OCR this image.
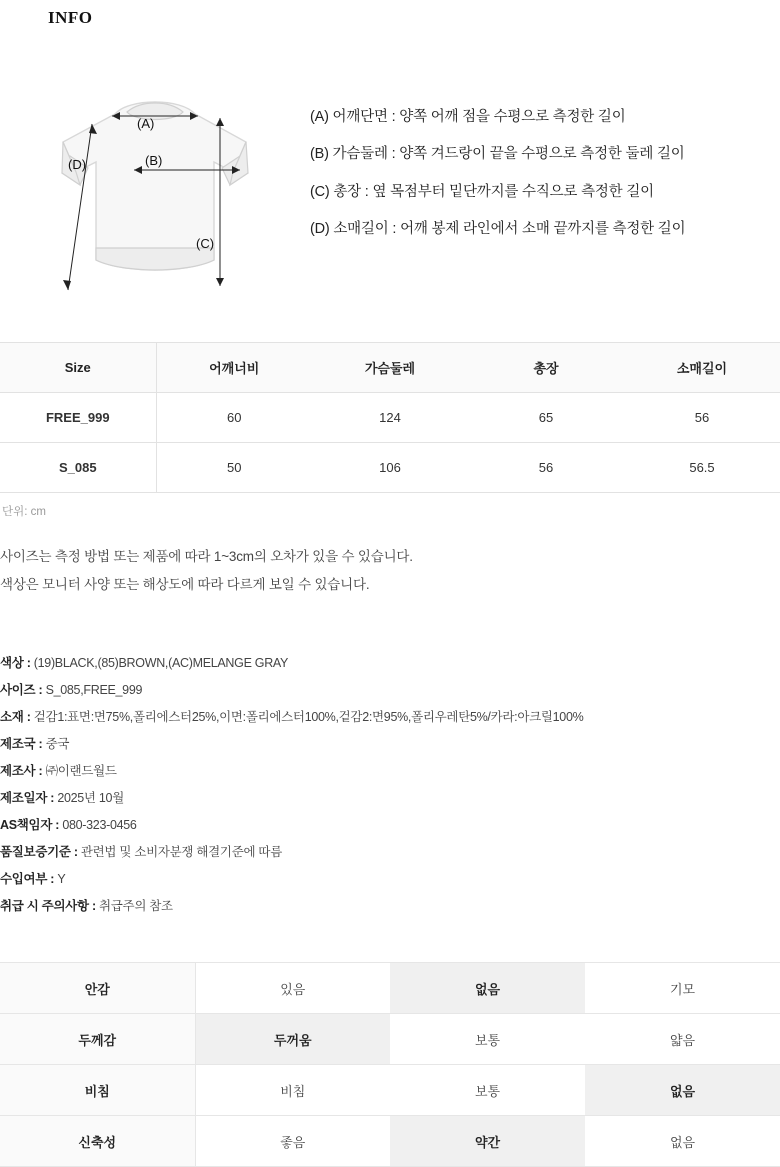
INFO
(A)
(B)
(C)
(D)
(A) 어깨단면 : 양쪽 어깨 점을 수평으로 측정한 길이
(B) 가슴둘레 : 양쪽 겨드랑이 끝을 수평으로 측정한 둘레 길이
(C) 총장 : 옆 목점부터 밑단까지를 수직으로 측정한 길이
(D) 소매길이 : 어깨 봉제 라인에서 소매 끝까지를 측정한 길이
Size	어깨너비	가슴둘레	총장	소매길이
FREE_999	60	124	65	56
S_085	50	106	56	56.5
단위: cm

사이즈는 측정 방법 또는 제품에 따라 1~3cm의 오차가 있을 수 있습니다.

색상은 모니터 사양 또는 해상도에 따라 다르게 보일 수 있습니다.

색상 : (19)BLACK,(85)BROWN,(AC)MELANGE GRAY

사이즈 : S_085,FREE_999

소재 : 겉감1:표면:면75%,폴리에스터25%,이면:폴리에스터100%,겉감2:면95%,폴리우레탄5%/카라:아크릴100%

제조국 : 중국

제조사 : ㈜이랜드월드

제조일자 : 2025년 10월

AS책임자 : 080-323-0456

품질보증기준 : 관련법 및 소비자분쟁 해결기준에 따름

수입여부 : Y

취급 시 주의사항 : 취급주의 참조

안감	있음	없음	기모
두께감	두꺼움	보통	얇음
비침	비침	보통	없음
신축성	좋음	약간	없음
